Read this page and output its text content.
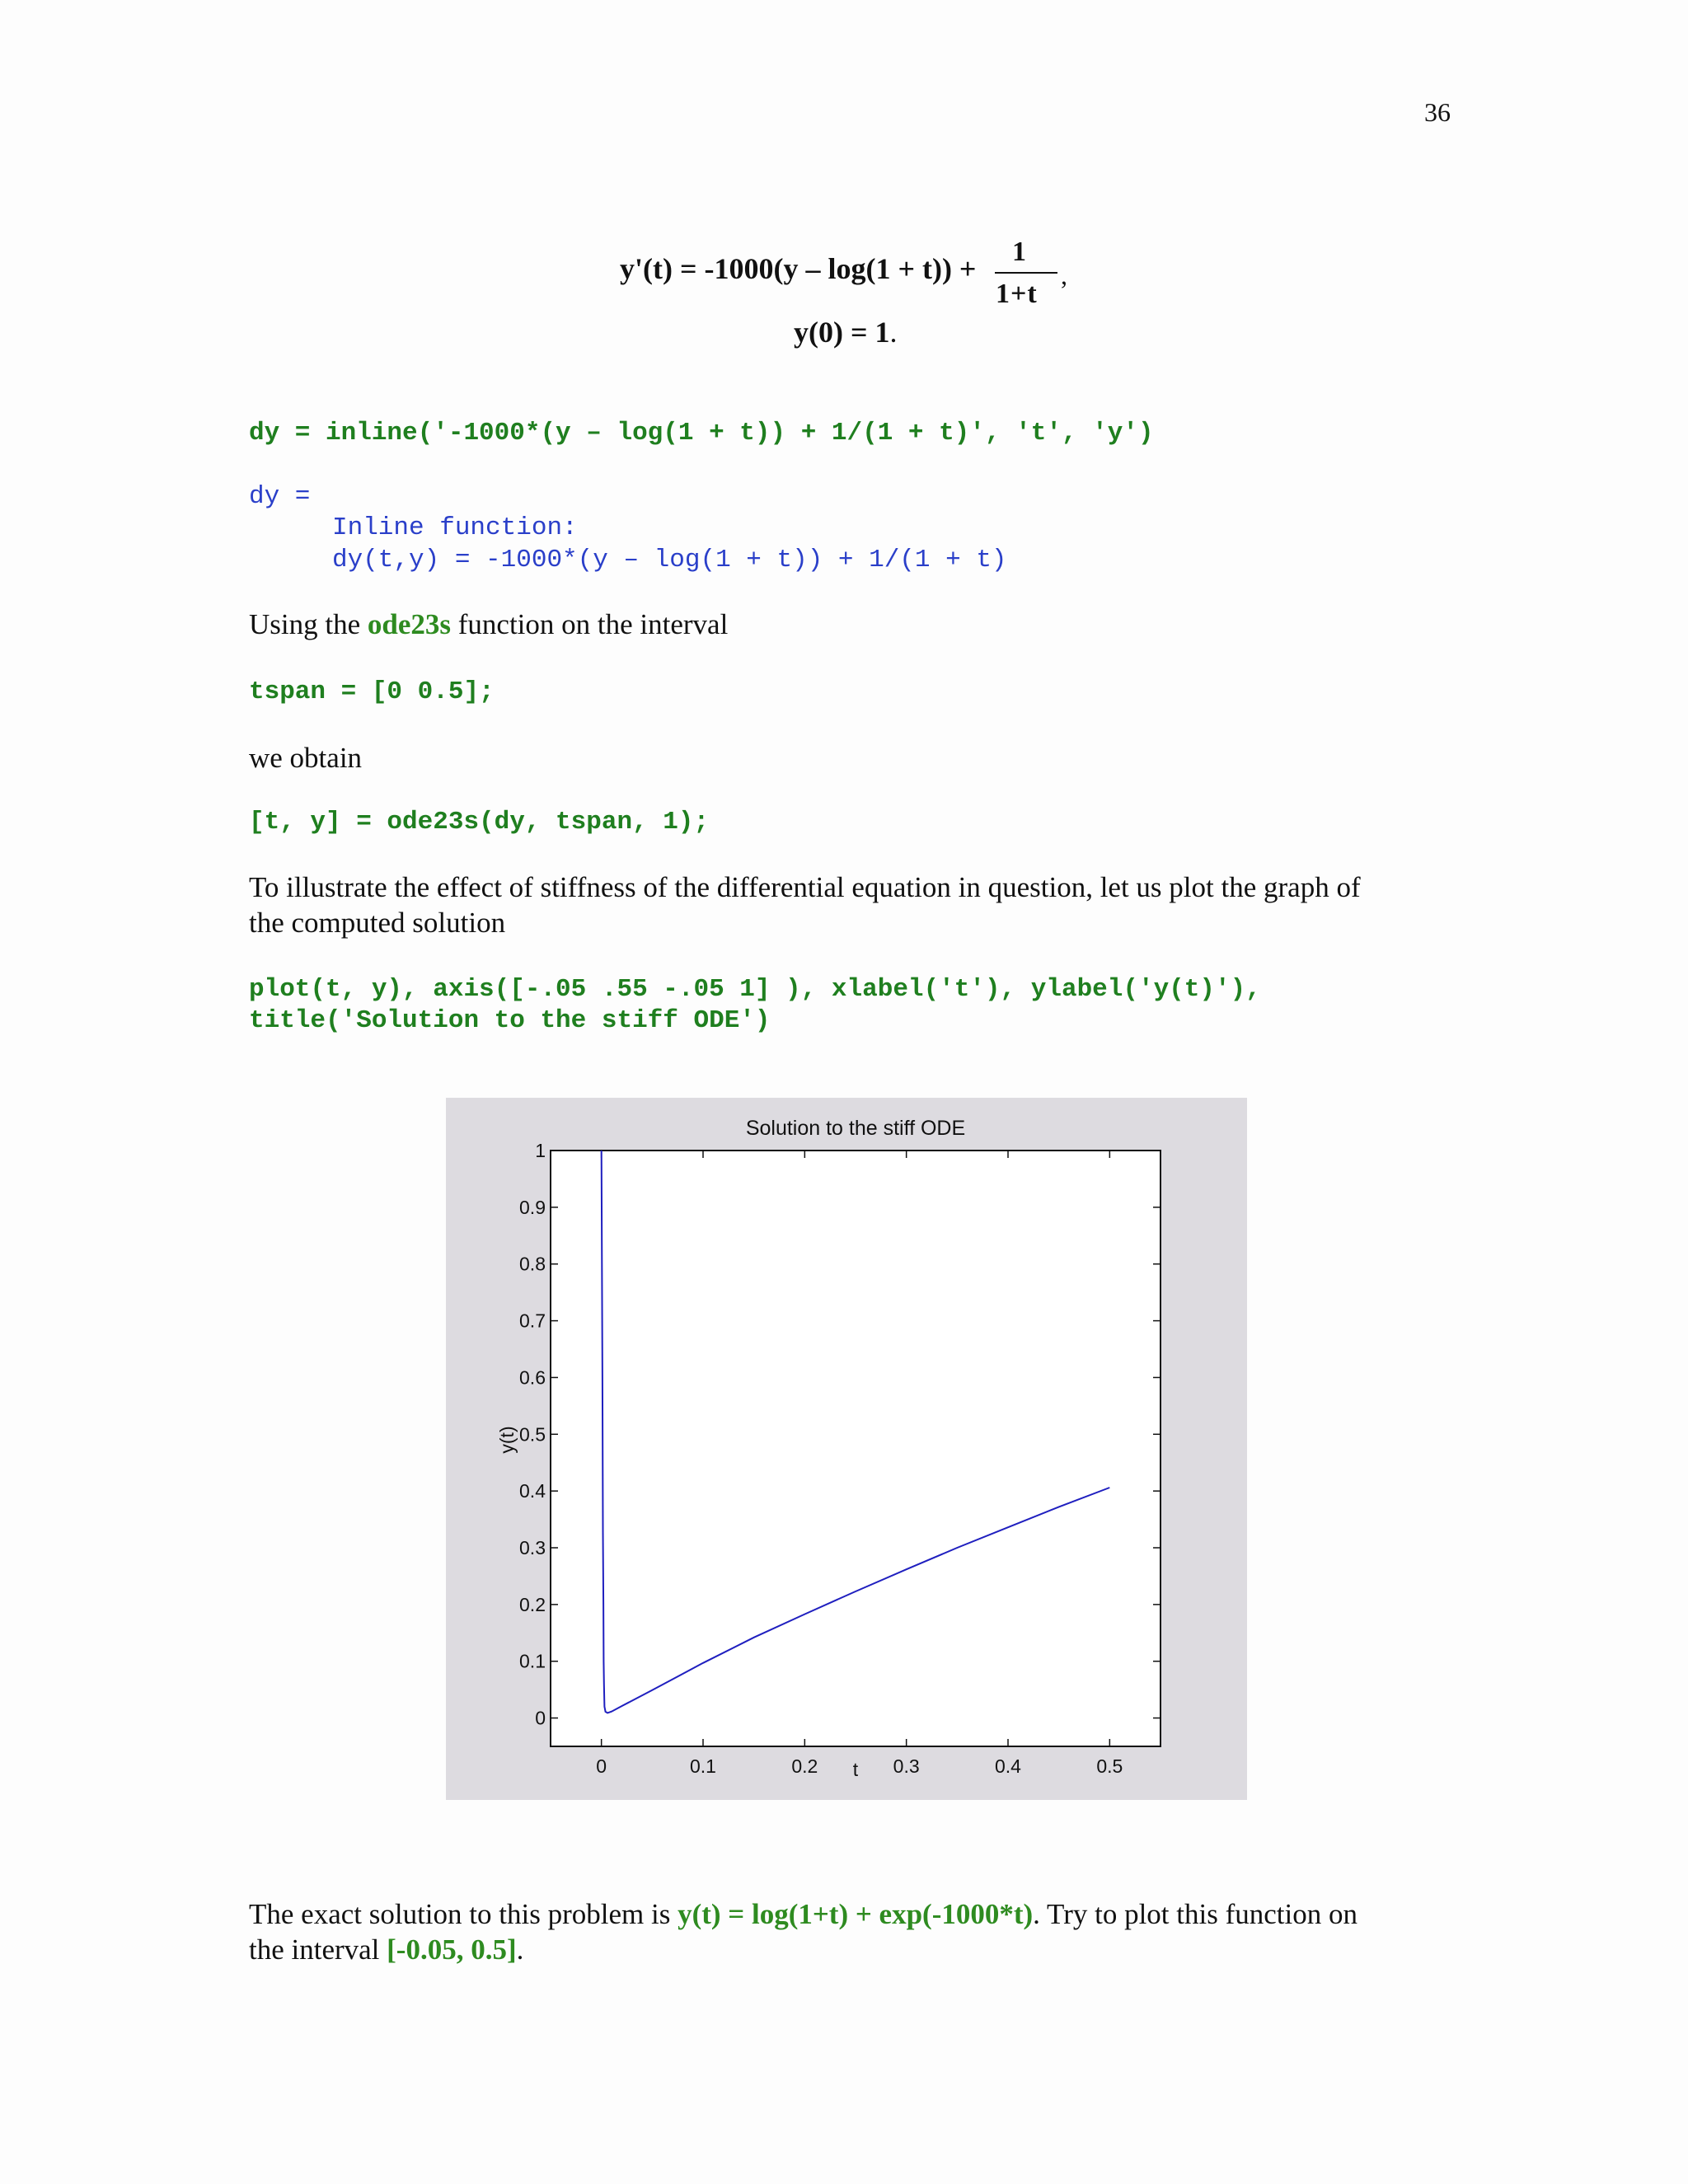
36
y'(t) = -1000(y – log(1 + t)) +
1
1+t
,
y(0) = 1.
dy = inline('-1000*(y – log(1 + t)) + 1/(1 + t)', 't', 'y')
dy =
Inline function:
dy(t,y) = -1000*(y – log(1 + t)) + 1/(1 + t)
Using the ode23s function on the interval
tspan = [0 0.5];
we obtain
[t, y] = ode23s(dy, tspan, 1);
To illustrate the effect of stiffness of the differential equation in question, let us plot the graph of
the computed solution
plot(t, y), axis([-.05 .55 -.05 1] ), xlabel('t'), ylabel('y(t)'),
title('Solution to the stiff ODE')
Solution to the stiff ODE
t
y(t)
0	0.1	0.2	0.3	0.4	0.5
0
0.1
0.2
0.3
0.4
0.5
0.6
0.7
0.8
0.9
1
The exact solution to this problem is y(t) = log(1+t) + exp(-1000*t). Try to plot this function on
the interval [-0.05, 0.5].
